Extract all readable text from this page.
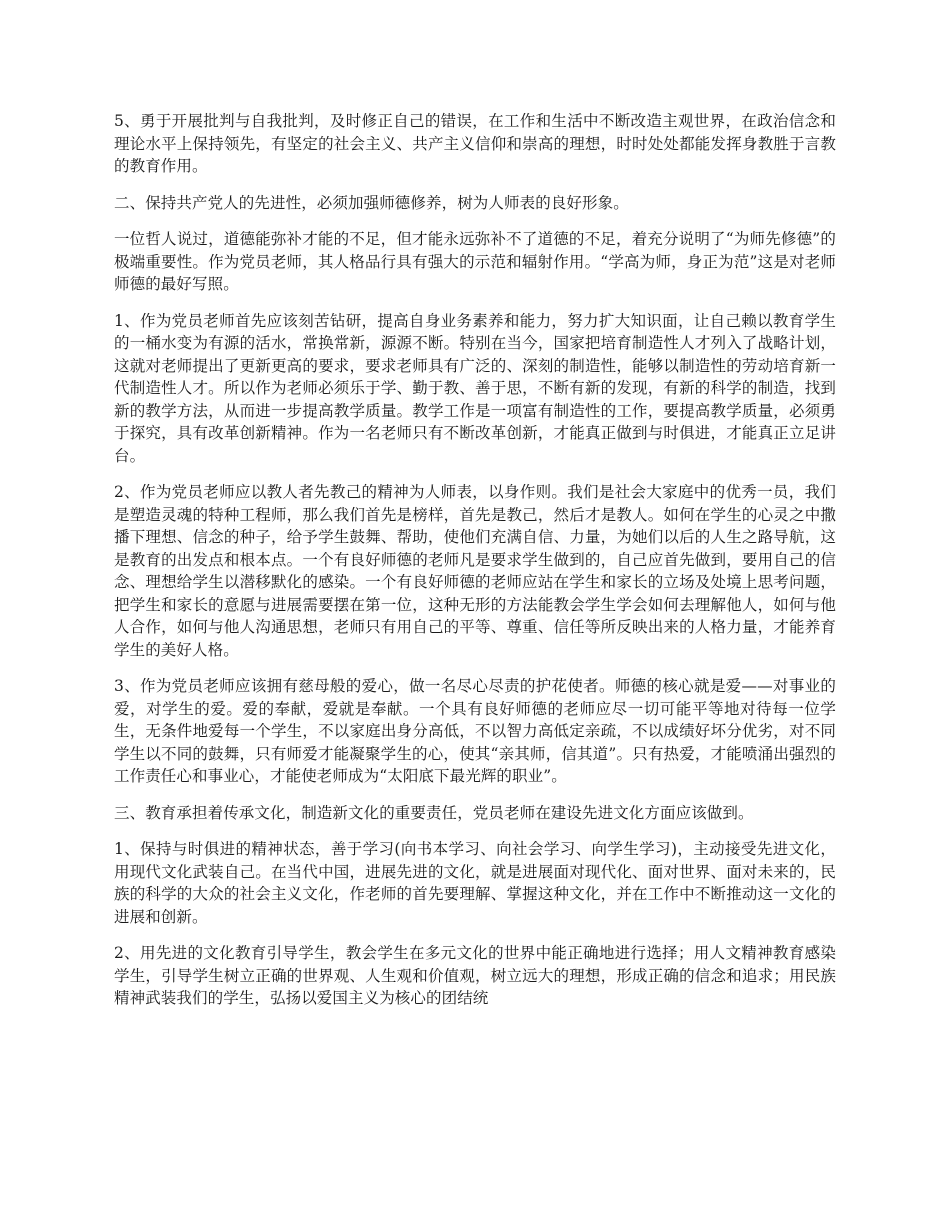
5、勇于开展批判与自我批判，及时修正自己的错误，在工作和生活中不断改造主观世界，在政治信念和理论水平上保持领先，有坚定的社会主义、共产主义信仰和崇高的理想，时时处处都能发挥身教胜于言教的教育作用。

二、保持共产党人的先进性，必须加强师德修养，树为人师表的良好形象。

一位哲人说过，道德能弥补才能的不足，但才能永远弥补不了道德的不足，着充分说明了“为师先修德”的极端重要性。作为党员老师，其人格品行具有强大的示范和辐射作用。“学高为师，身正为范”这是对老师师德的最好写照。

1、作为党员老师首先应该刻苦钻研，提高自身业务素养和能力，努力扩大知识面，让自己赖以教育学生的一桶水变为有源的活水，常换常新，源源不断。特别在当今，国家把培育制造性人才列入了战略计划，这就对老师提出了更新更高的要求，要求老师具有广泛的、深刻的制造性，能够以制造性的劳动培育新一代制造性人才。所以作为老师必须乐于学、勤于教、善于思，不断有新的发现，有新的科学的制造，找到新的教学方法，从而进一步提高教学质量。教学工作是一项富有制造性的工作，要提高教学质量，必须勇于探究，具有改革创新精神。作为一名老师只有不断改革创新，才能真正做到与时俱进，才能真正立足讲台。

2、作为党员老师应以教人者先教己的精神为人师表，以身作则。我们是社会大家庭中的优秀一员，我们是塑造灵魂的特种工程师，那么我们首先是榜样，首先是教己，然后才是教人。如何在学生的心灵之中撒播下理想、信念的种子，给予学生鼓舞、帮助，使他们充满自信、力量，为她们以后的人生之路导航，这是教育的出发点和根本点。一个有良好师德的老师凡是要求学生做到的，自己应首先做到，要用自己的信念、理想给学生以潜移默化的感染。一个有良好师德的老师应站在学生和家长的立场及处境上思考问题，把学生和家长的意愿与进展需要摆在第一位，这种无形的方法能教会学生学会如何去理解他人，如何与他人合作，如何与他人沟通思想，老师只有用自己的平等、尊重、信任等所反映出来的人格力量，才能养育学生的美好人格。

3、作为党员老师应该拥有慈母般的爱心，做一名尽心尽责的护花使者。师德的核心就是爱——对事业的爱，对学生的爱。爱的奉献，爱就是奉献。一个具有良好师德的老师应尽一切可能平等地对待每一位学生，无条件地爱每一个学生，不以家庭出身分高低，不以智力高低定亲疏，不以成绩好坏分优劣，对不同学生以不同的鼓舞，只有师爱才能凝聚学生的心，使其“亲其师，信其道”。只有热爱，才能喷涌出强烈的工作责任心和事业心，才能使老师成为“太阳底下最光辉的职业”。

三、教育承担着传承文化，制造新文化的重要责任，党员老师在建设先进文化方面应该做到。

1、保持与时俱进的精神状态，善于学习(向书本学习、向社会学习、向学生学习)，主动接受先进文化，用现代文化武装自己。在当代中国，进展先进的文化，就是进展面对现代化、面对世界、面对未来的，民族的科学的大众的社会主义文化，作老师的首先要理解、掌握这种文化，并在工作中不断推动这一文化的进展和创新。

2、用先进的文化教育引导学生，教会学生在多元文化的世界中能正确地进行选择；用人文精神教育感染学生，引导学生树立正确的世界观、人生观和价值观，树立远大的理想，形成正确的信念和追求；用民族精神武装我们的学生，弘扬以爱国主义为核心的团结统
